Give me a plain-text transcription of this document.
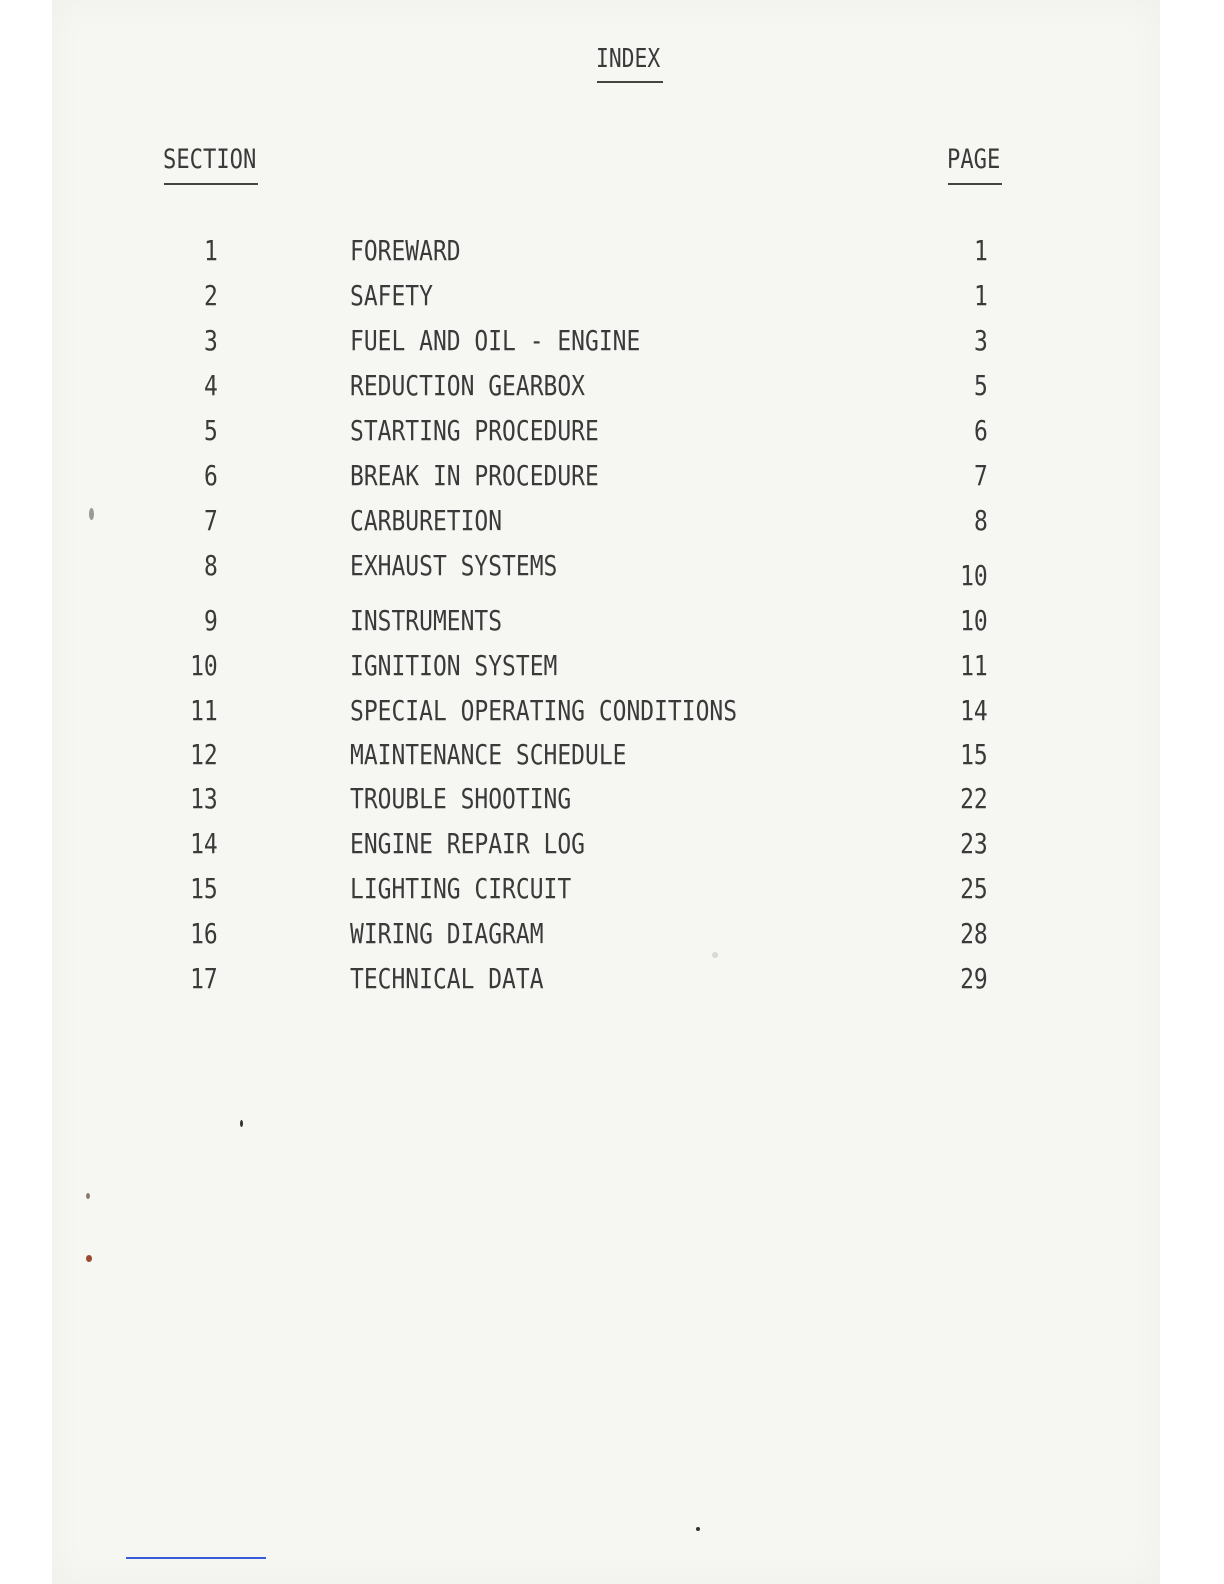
INDEX
SECTION	PAGE
1	FOREWARD	1
2	SAFETY	1
3	FUEL AND OIL - ENGINE	3
4	REDUCTION GEARBOX	5
5	STARTING PROCEDURE	6
6	BREAK IN PROCEDURE	7
7	CARBURETION	8
8	EXHAUST SYSTEMS	10
9	INSTRUMENTS	10
10	IGNITION SYSTEM	11
11	SPECIAL OPERATING CONDITIONS	14
12	MAINTENANCE SCHEDULE	15
13	TROUBLE SHOOTING	22
14	ENGINE REPAIR LOG	23
15	LIGHTING CIRCUIT	25
16	WIRING DIAGRAM	28
17	TECHNICAL DATA	29
